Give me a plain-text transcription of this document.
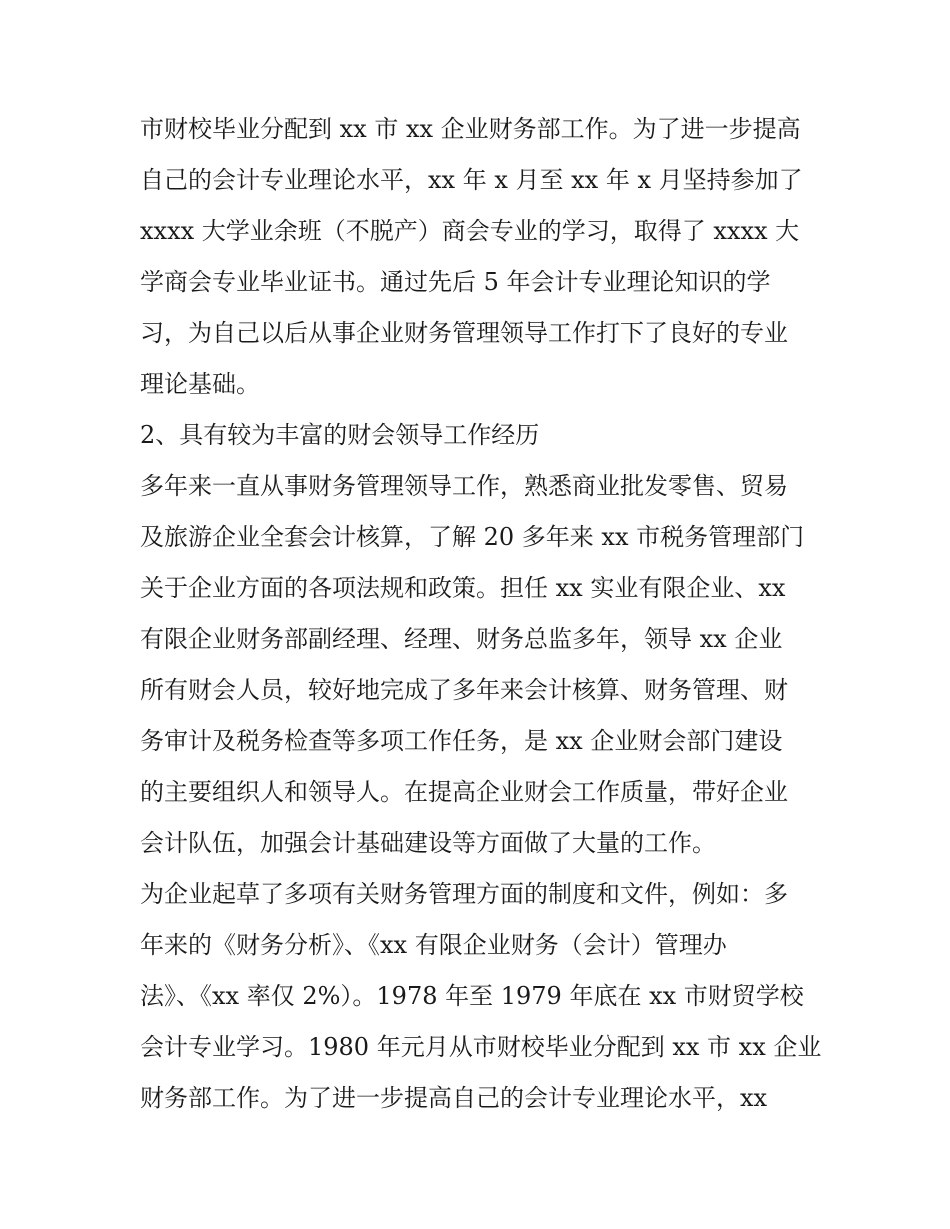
市财校毕业分配到 xx 市 xx 企业财务部工作。为了进一步提高
自己的会计专业理论水平，xx 年 x 月至 xx 年 x 月坚持参加了
xxxx 大学业余班（不脱产）商会专业的学习，取得了 xxxx 大
学商会专业毕业证书。通过先后 5 年会计专业理论知识的学
习，为自己以后从事企业财务管理领导工作打下了良好的专业
理论基础。
2、具有较为丰富的财会领导工作经历
多年来一直从事财务管理领导工作，熟悉商业批发零售、贸易
及旅游企业全套会计核算，了解 20 多年来 xx 市税务管理部门
关于企业方面的各项法规和政策。担任 xx 实业有限企业、xx
有限企业财务部副经理、经理、财务总监多年，领导 xx 企业
所有财会人员，较好地完成了多年来会计核算、财务管理、财
务审计及税务检查等多项工作任务，是 xx 企业财会部门建设
的主要组织人和领导人。在提高企业财会工作质量，带好企业
会计队伍，加强会计基础建设等方面做了大量的工作。
为企业起草了多项有关财务管理方面的制度和文件，例如：多
年来的《财务分析》、《xx 有限企业财务（会计）管理办
法》、《xx 率仅 2%）。1978 年至 1979 年底在 xx 市财贸学校
会计专业学习。1980 年元月从市财校毕业分配到 xx 市 xx 企业
财务部工作。为了进一步提高自己的会计专业理论水平，xx
